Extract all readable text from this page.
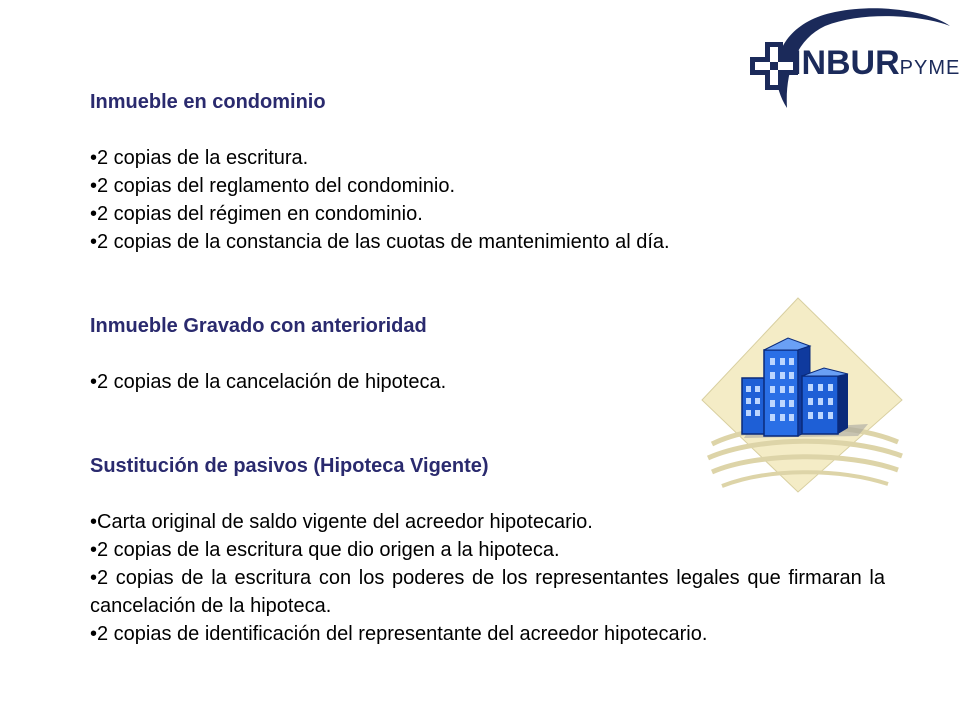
INBURPYME

Inmueble en condominio

•2 copias de la escritura.
•2 copias del reglamento del condominio.
•2 copias del régimen en condominio.
•2 copias de la constancia de las cuotas de mantenimiento al día.

Inmueble Gravado con anterioridad

•2 copias de la cancelación de hipoteca.

Sustitución de pasivos (Hipoteca Vigente)

•Carta original de saldo vigente del acreedor hipotecario.
•2 copias de la escritura que dio origen a la hipoteca.
•2 copias de la escritura con los poderes de los representantes legales que firmaran la cancelación de la hipoteca.
•2 copias de identificación del representante del acreedor hipotecario.
